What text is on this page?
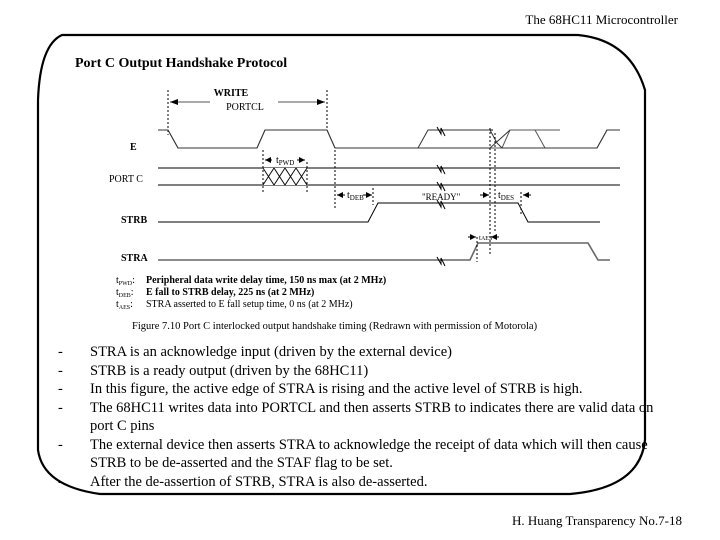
The 68HC11 Microcontroller
Port C Output Handshake Protocol
WRITE
PORTCL
E
PORT C
STRB
STRA
$t_{PWD}$
$t_{DEB}$	"READY"	$t_{DES}$
tAES
$t_{PWD}$: Peripheral data write delay time, 150 ns max (at 2 MHz)
$t_{DEB}$: E fall to STRB delay, 225 ns (at 2 MHz)
$t_{AES}$: STRA asserted to E fall setup time, 0 ns (at 2 MHz)
Figure 7.10 Port C interlocked output handshake timing (Redrawn with permission of Motorola)
- STRA is an acknowledge input (driven by the external device)
- STRB is a ready output (driven by the 68HC11)
- In this figure, the active edge of STRA is rising and the active level of STRB is high.
- The 68HC11 writes data into PORTCL and then asserts STRB to indicates there are valid data on port C pins
- The external device then asserts STRA to acknowledge the receipt of data which will then cause STRB to be de-asserted and the STAF flag to be set.
- After the de-assertion of STRB, STRA is also de-asserted.
H. Huang Transparency No.7-18
